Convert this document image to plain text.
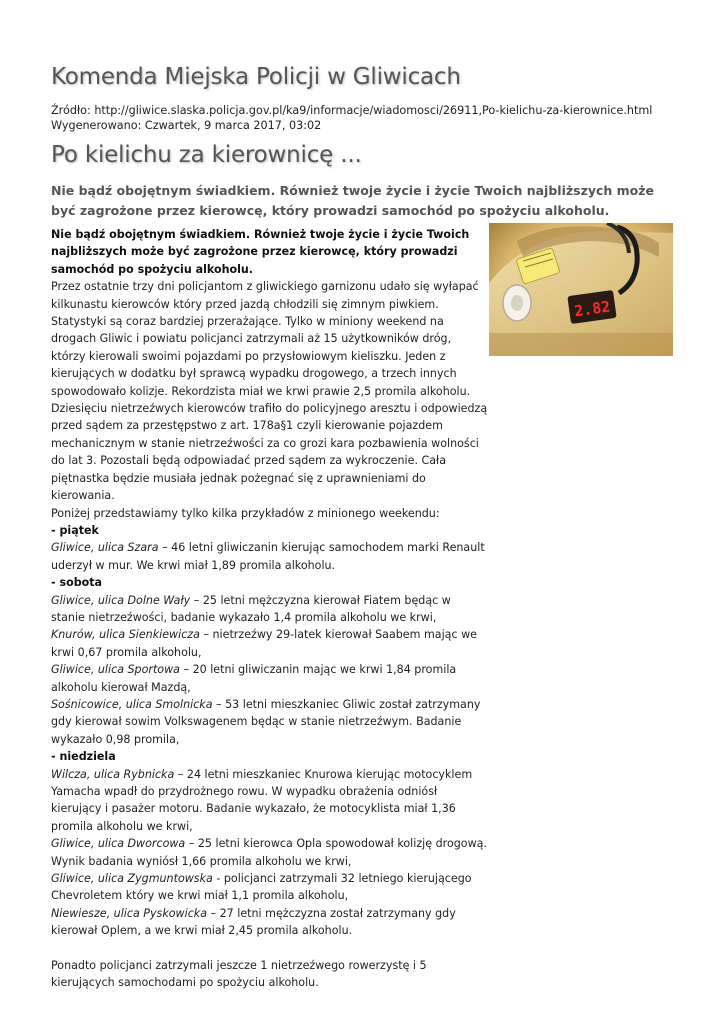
Komenda Miejska Policji w Gliwicach
Źródło: http://gliwice.slaska.policja.gov.pl/ka9/informacje/wiadomosci/26911,Po-kielichu-za-kierownice.html
Wygenerowano: Czwartek, 9 marca 2017, 03:02
Po kielichu za kierownicę ...

Nie bądź obojętnym świadkiem. Również twoje życie i życie Twoich najbliższych może być zagrożone przez kierowcę, który prowadzi samochód po spożyciu alkoholu.

Nie bądź obojętnym świadkiem. Również twoje życie i życie Twoich najbliższych może być zagrożone przez kierowcę, który prowadzi samochód po spożyciu alkoholu.
Przez ostatnie trzy dni policjantom z gliwickiego garnizonu udało się wyłapać kilkunastu kierowców który przed jazdą chłodzili się zimnym piwkiem. Statystyki są coraz bardziej przerażające. Tylko w miniony weekend na drogach Gliwic i powiatu policjanci zatrzymali aż 15 użytkowników dróg, którzy kierowali swoimi pojazdami po przysłowiowym kieliszku. Jeden z kierujących w dodatku był sprawcą wypadku drogowego, a trzech innych spowodowało kolizje. Rekordzista miał we krwi prawie 2,5 promila alkoholu. Dziesięciu nietrzeźwych kierowców trafiło do policyjnego aresztu i odpowiedzą przed sądem za przestępstwo z art. 178a§1 czyli kierowanie pojazdem mechanicznym w stanie nietrzeźwości za co grozi kara pozbawienia wolności do lat 3. Pozostali będą odpowiadać przed sądem za wykroczenie. Cała piętnastka będzie musiała jednak pożegnać się z uprawnieniami do kierowania.
Poniżej przedstawiamy tylko kilka przykładów z minionego weekendu:
- piątek
Gliwice, ulica Szara – 46 letni gliwiczanin kierując samochodem marki Renault uderzył w mur. We krwi miał 1,89 promila alkoholu.
- sobota
Gliwice, ulica Dolne Wały – 25 letni mężczyzna kierował Fiatem będąc w stanie nietrzeźwości, badanie wykazało 1,4 promila alkoholu we krwi,
Knurów, ulica Sienkiewicza – nietrzeźwy 29-latek kierował Saabem mając we krwi 0,67 promila alkoholu,
Gliwice, ulica Sportowa – 20 letni gliwiczanin mając we krwi 1,84 promila alkoholu kierował Mazdą,
Sośnicowice, ulica Smolnicka – 53 letni mieszkaniec Gliwic został zatrzymany gdy kierował sowim Volkswagenem będąc w stanie nietrzeźwym. Badanie wykazało 0,98 promila,
- niedziela
Wilcza, ulica Rybnicka – 24 letni mieszkaniec Knurowa kierując motocyklem Yamacha wpadł do przydrożnego rowu. W wypadku obrażenia odniósł kierujący i pasażer motoru. Badanie wykazało, że motocyklista miał 1,36 promila alkoholu we krwi,
Gliwice, ulica Dworcowa – 25 letni kierowca Opla spowodował kolizję drogową. Wynik badania wyniósł 1,66 promila alkoholu we krwi,
Gliwice, ulica Zygmuntowska - policjanci zatrzymali 32 letniego kierującego Chevroletem który we krwi miał 1,1 promila alkoholu,
Niewiesze, ulica Pyskowicka – 27 letni mężczyzna został zatrzymany gdy kierował Oplem, a we krwi miał 2,45 promila alkoholu.
Ponadto policjanci zatrzymali jeszcze 1 nietrzeźwego rowerzystę i 5 kierujących samochodami po spożyciu alkoholu.
2.82
